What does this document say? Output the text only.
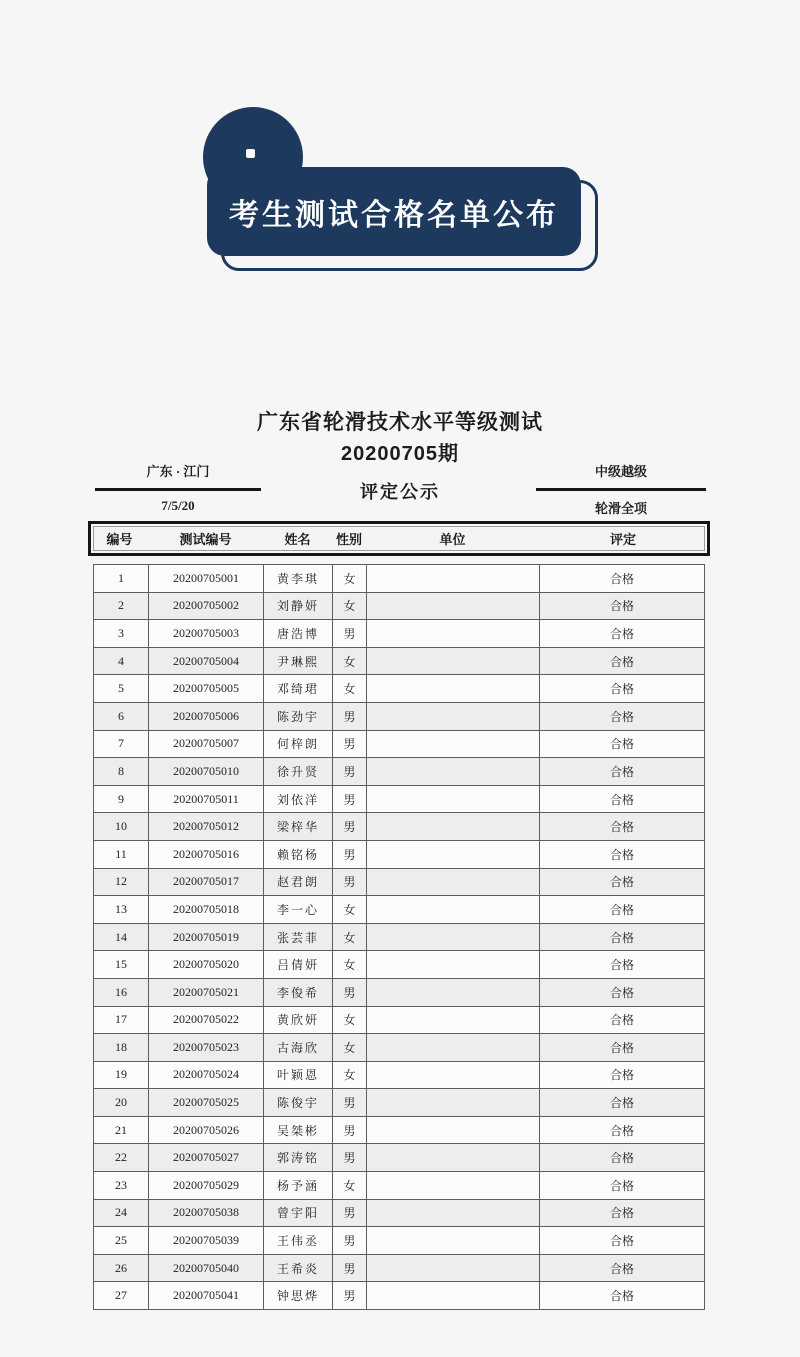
考生测试合格名单公布
广东省轮滑技术水平等级测试
20200705期
广东 · 江门
7/5/20
评定公示
中级越级
轮滑全项
编号	测试编号	姓名	性别	单位	评定
1	20200705001	黄李琪	女		合格
2	20200705002	刘静妍	女		合格
3	20200705003	唐浩博	男		合格
4	20200705004	尹琳熙	女		合格
5	20200705005	邓绮珺	女		合格
6	20200705006	陈劲宇	男		合格
7	20200705007	何梓朗	男		合格
8	20200705010	徐升贤	男		合格
9	20200705011	刘依洋	男		合格
10	20200705012	梁梓华	男		合格
11	20200705016	赖铭杨	男		合格
12	20200705017	赵君朗	男		合格
13	20200705018	李一心	女		合格
14	20200705019	张芸菲	女		合格
15	20200705020	吕倩妍	女		合格
16	20200705021	李俊希	男		合格
17	20200705022	黄欣妍	女		合格
18	20200705023	古海欣	女		合格
19	20200705024	叶颖恩	女		合格
20	20200705025	陈俊宇	男		合格
21	20200705026	吴桀彬	男		合格
22	20200705027	郭涛铭	男		合格
23	20200705029	杨予涵	女		合格
24	20200705038	曾宇阳	男		合格
25	20200705039	王伟丞	男		合格
26	20200705040	王希炎	男		合格
27	20200705041	钟思烨	男		合格
